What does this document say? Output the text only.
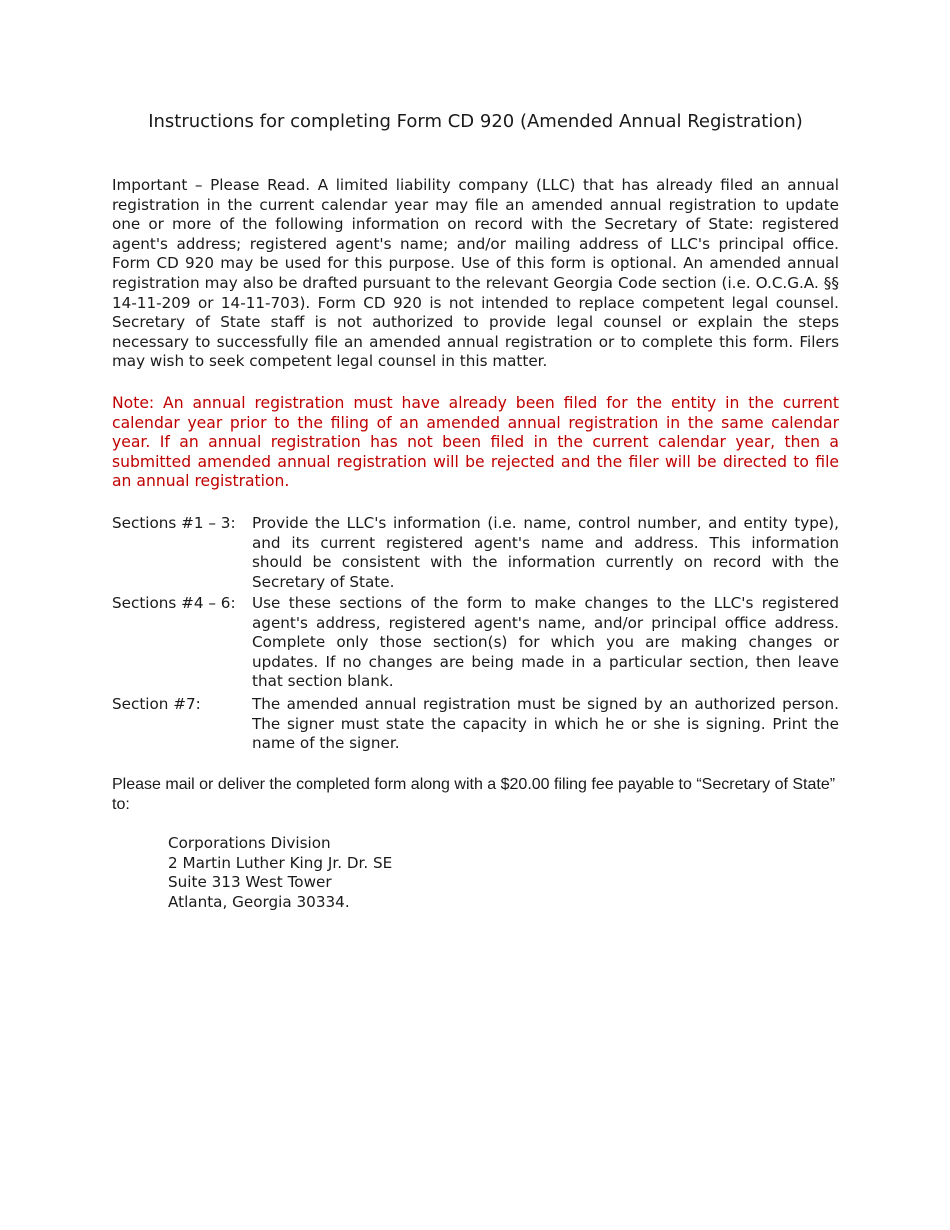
Instructions for completing Form CD 920 (Amended Annual Registration)
Important – Please Read. A limited liability company (LLC) that has already filed an annual registration in the current calendar year may file an amended annual registration to update one or more of the following information on record with the Secretary of State: registered agent's address; registered agent's name; and/or mailing address of LLC's principal office. Form CD 920 may be used for this purpose. Use of this form is optional. An amended annual registration may also be drafted pursuant to the relevant Georgia Code section (i.e. O.C.G.A. §§ 14-11-209 or 14-11-703). Form CD 920 is not intended to replace competent legal counsel. Secretary of State staff is not authorized to provide legal counsel or explain the steps necessary to successfully file an amended annual registration or to complete this form. Filers may wish to seek competent legal counsel in this matter.
Note: An annual registration must have already been filed for the entity in the current calendar year prior to the filing of an amended annual registration in the same calendar year. If an annual registration has not been filed in the current calendar year, then a submitted amended annual registration will be rejected and the filer will be directed to file an annual registration.
Sections #1 – 3:	Provide the LLC's information (i.e. name, control number, and entity type), and its current registered agent's name and address. This information should be consistent with the information currently on record with the Secretary of State.
Sections #4 – 6:	Use these sections of the form to make changes to the LLC's registered agent's address, registered agent's name, and/or principal office address. Complete only those section(s) for which you are making changes or updates. If no changes are being made in a particular section, then leave that section blank.
Section #7:	The amended annual registration must be signed by an authorized person. The signer must state the capacity in which he or she is signing. Print the name of the signer.
Please mail or deliver the completed form along with a $20.00 filing fee payable to “Secretary of State” to:
Corporations Division
2 Martin Luther King Jr. Dr. SE
Suite 313 West Tower
Atlanta, Georgia 30334.
